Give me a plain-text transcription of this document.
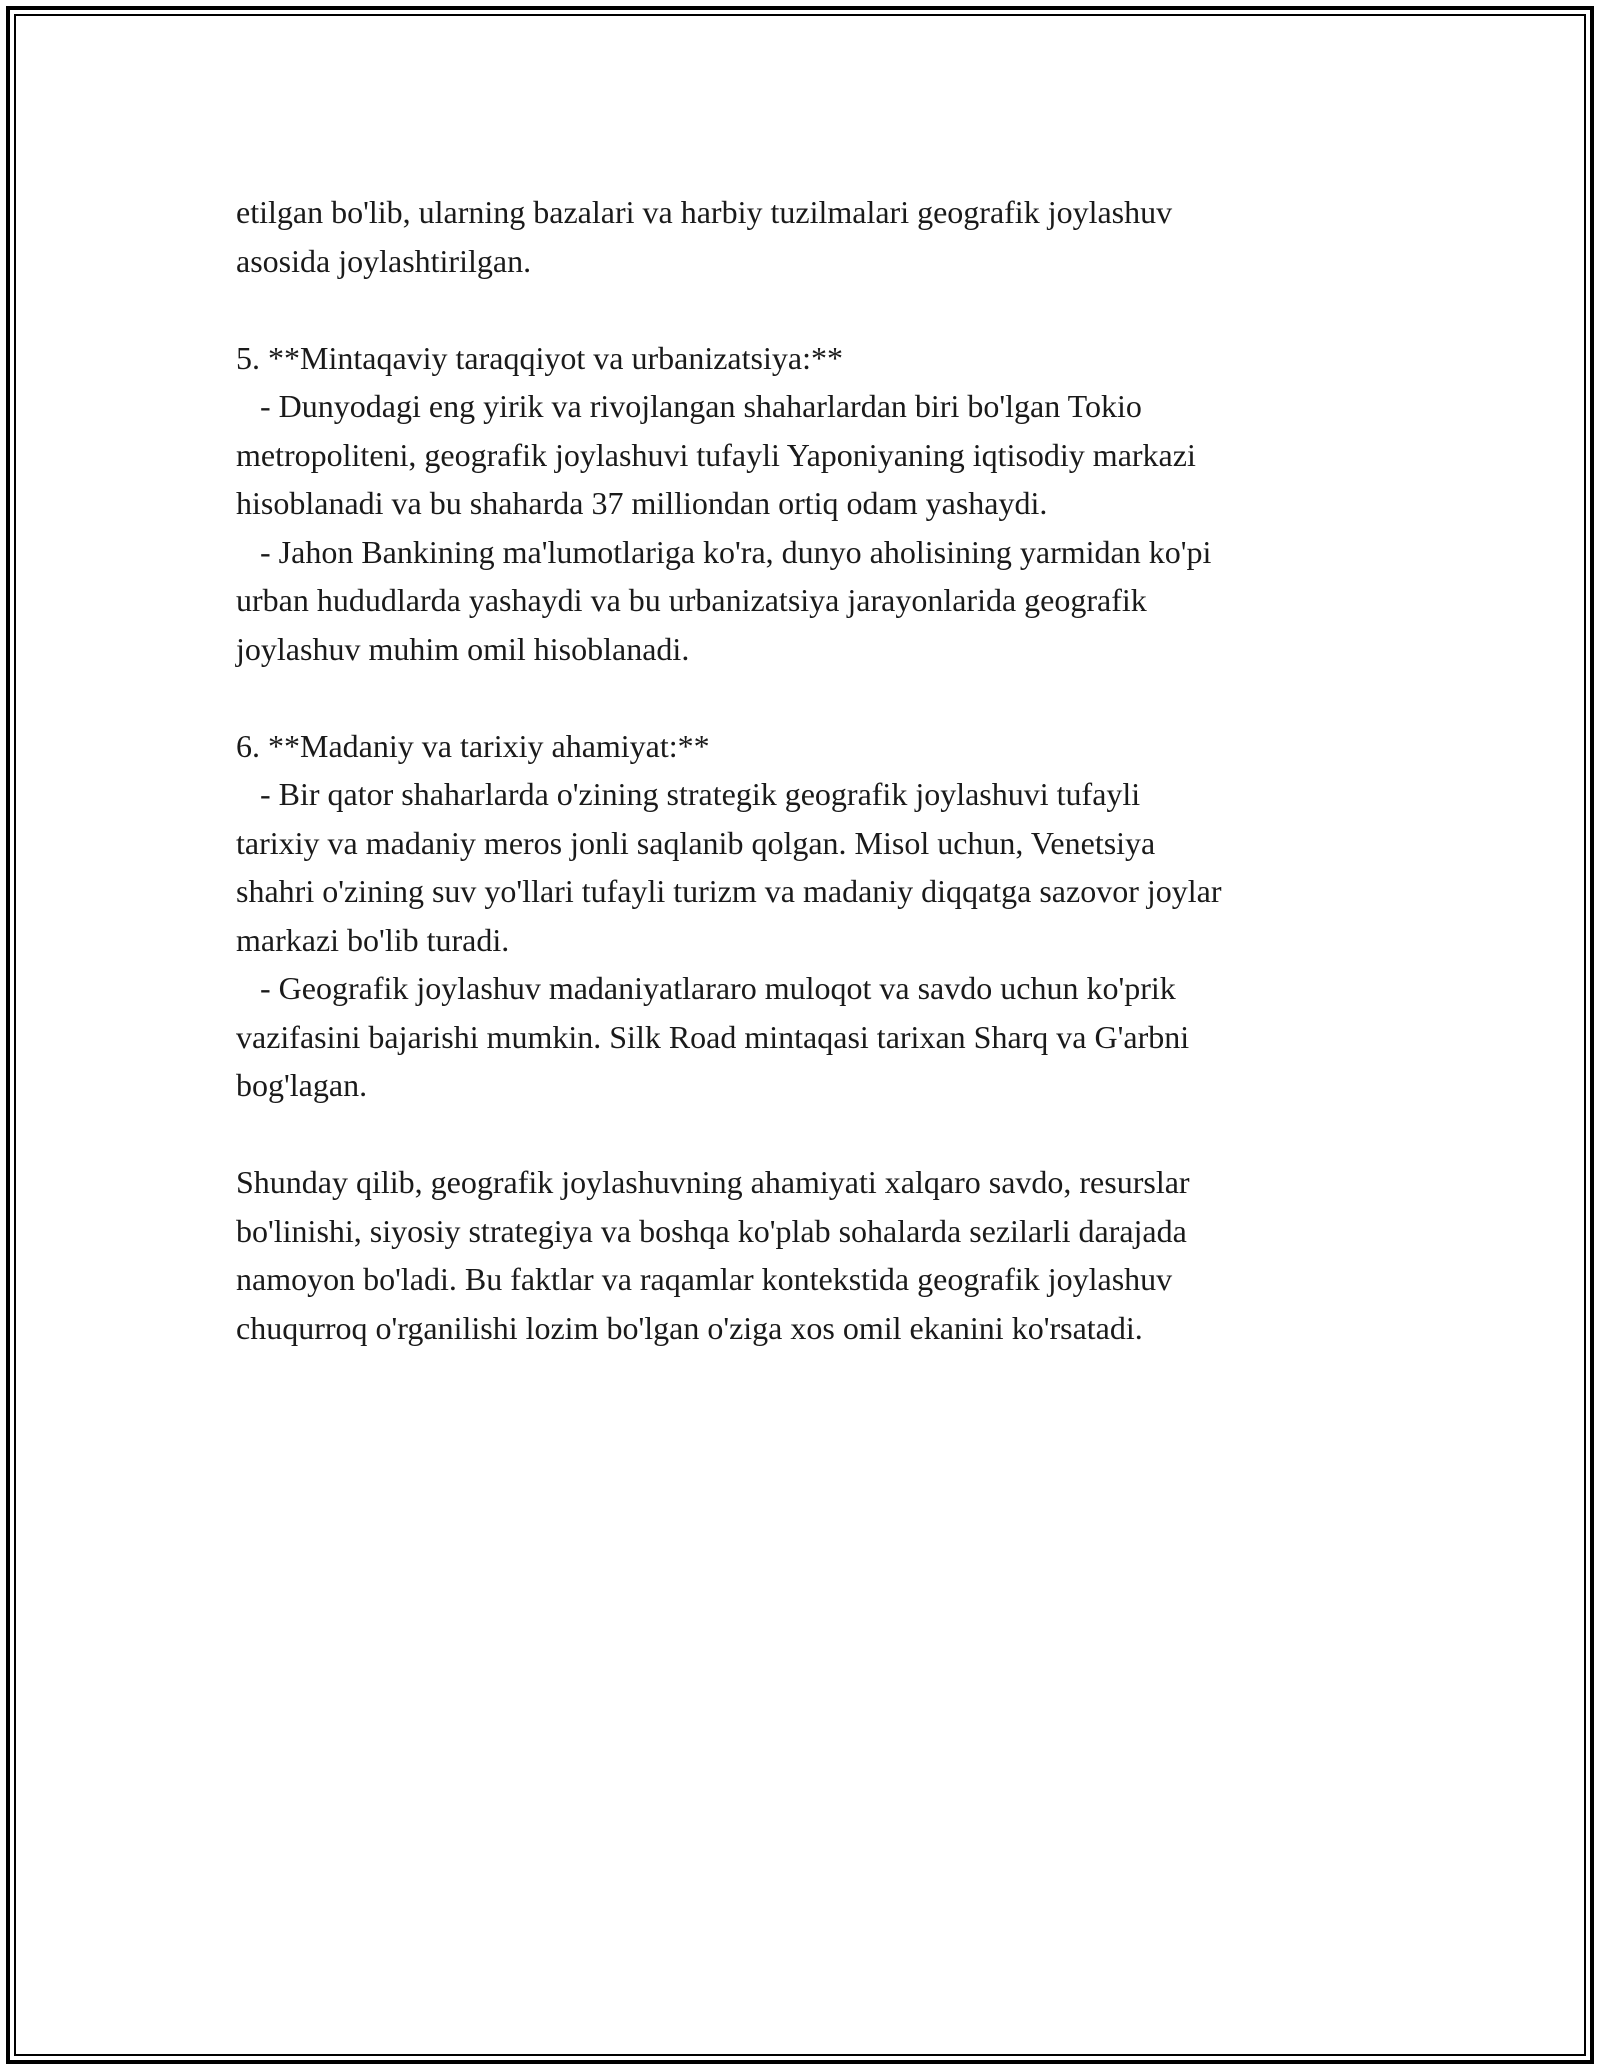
etilgan bo'lib, ularning bazalari va harbiy tuzilmalari geografik joylashuv
asosida joylashtirilgan.
5. **Mintaqaviy taraqqiyot va urbanizatsiya:**
- Dunyodagi eng yirik va rivojlangan shaharlardan biri bo'lgan Tokio
metropoliteni, geografik joylashuvi tufayli Yaponiyaning iqtisodiy markazi
hisoblanadi va bu shaharda 37 milliondan ortiq odam yashaydi.
- Jahon Bankining ma'lumotlariga ko'ra, dunyo aholisining yarmidan ko'pi
urban hududlarda yashaydi va bu urbanizatsiya jarayonlarida geografik
joylashuv muhim omil hisoblanadi.
6. **Madaniy va tarixiy ahamiyat:**
- Bir qator shaharlarda o'zining strategik geografik joylashuvi tufayli
tarixiy va madaniy meros jonli saqlanib qolgan. Misol uchun, Venetsiya
shahri o'zining suv yo'llari tufayli turizm va madaniy diqqatga sazovor joylar
markazi bo'lib turadi.
- Geografik joylashuv madaniyatlararo muloqot va savdo uchun ko'prik
vazifasini bajarishi mumkin. Silk Road mintaqasi tarixan Sharq va G'arbni
bog'lagan.
Shunday qilib, geografik joylashuvning ahamiyati xalqaro savdo, resurslar
bo'linishi, siyosiy strategiya va boshqa ko'plab sohalarda sezilarli darajada
namoyon bo'ladi. Bu faktlar va raqamlar kontekstida geografik joylashuv
chuqurroq o'rganilishi lozim bo'lgan o'ziga xos omil ekanini ko'rsatadi.
